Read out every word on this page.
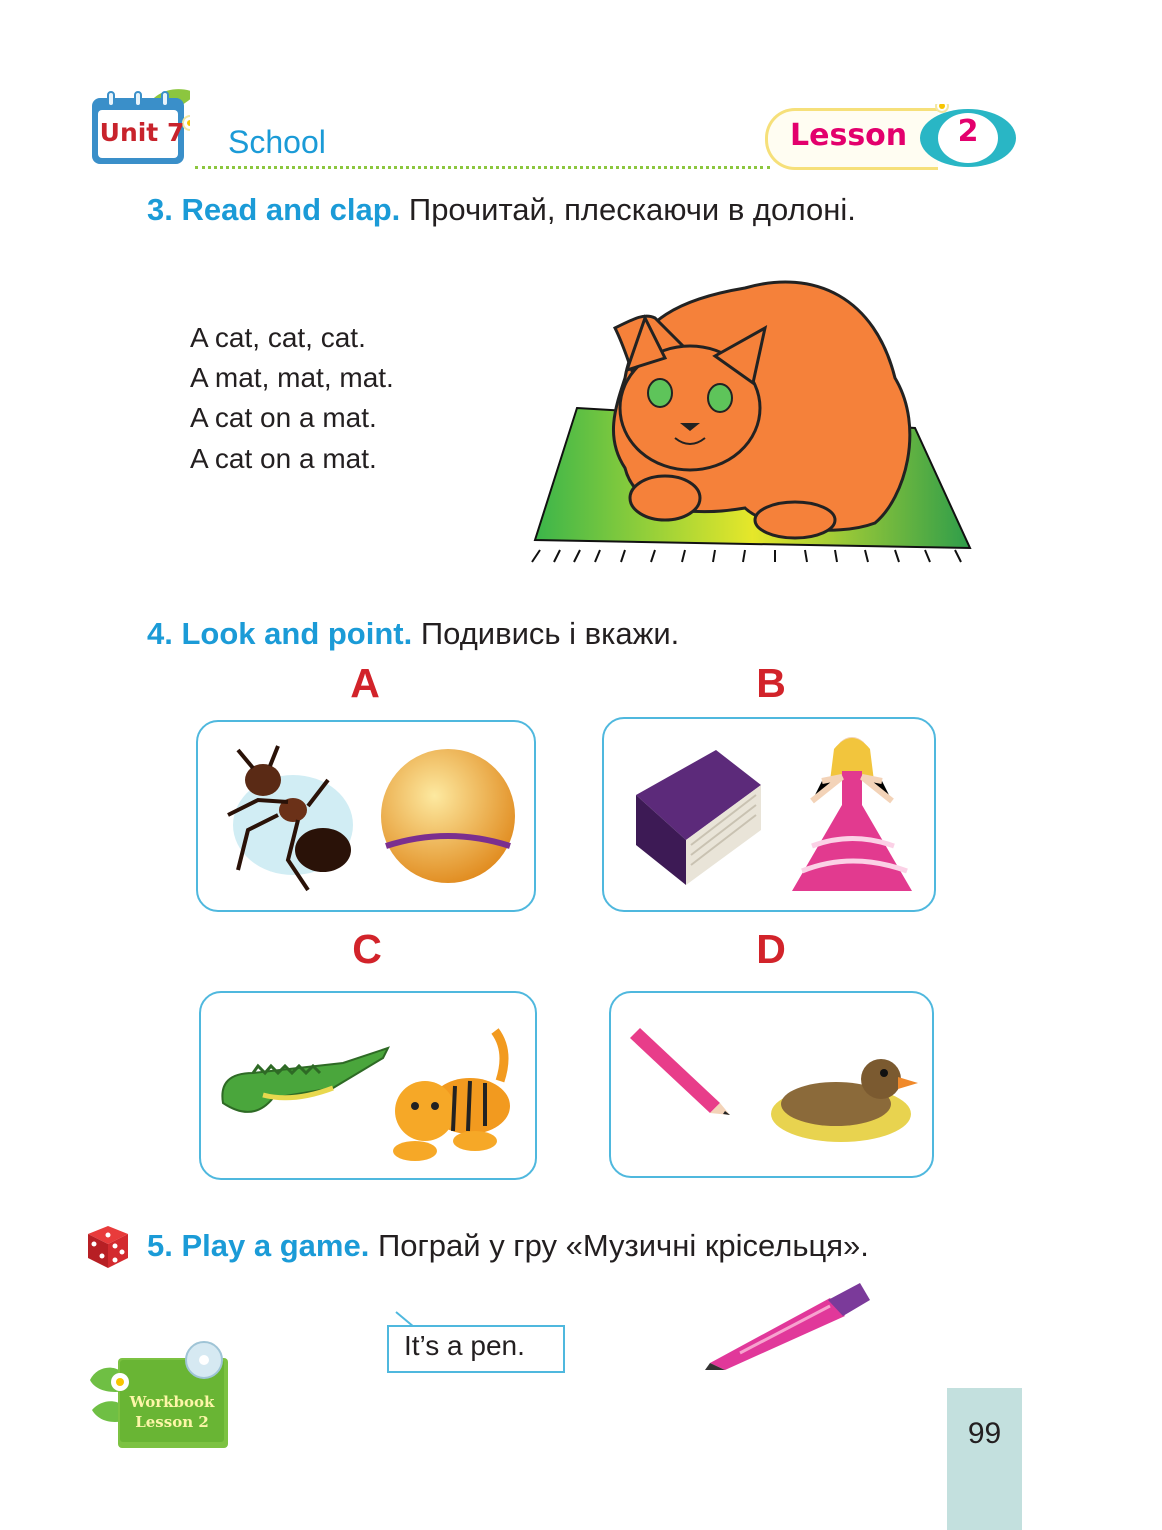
Unit 7 School	Lesson 2
3. Read and clap. Прочитай, плескаючи в долоні.
A cat, cat, cat.
A mat, mat, mat.
A cat on a mat.
A cat on a mat.
4. Look and point. Подивись і вкажи.
A	B
C	D
5. Play a game. Пограй у гру «Музичні крісельця».
It’s a pen.
Workbook
Lesson 2	99
